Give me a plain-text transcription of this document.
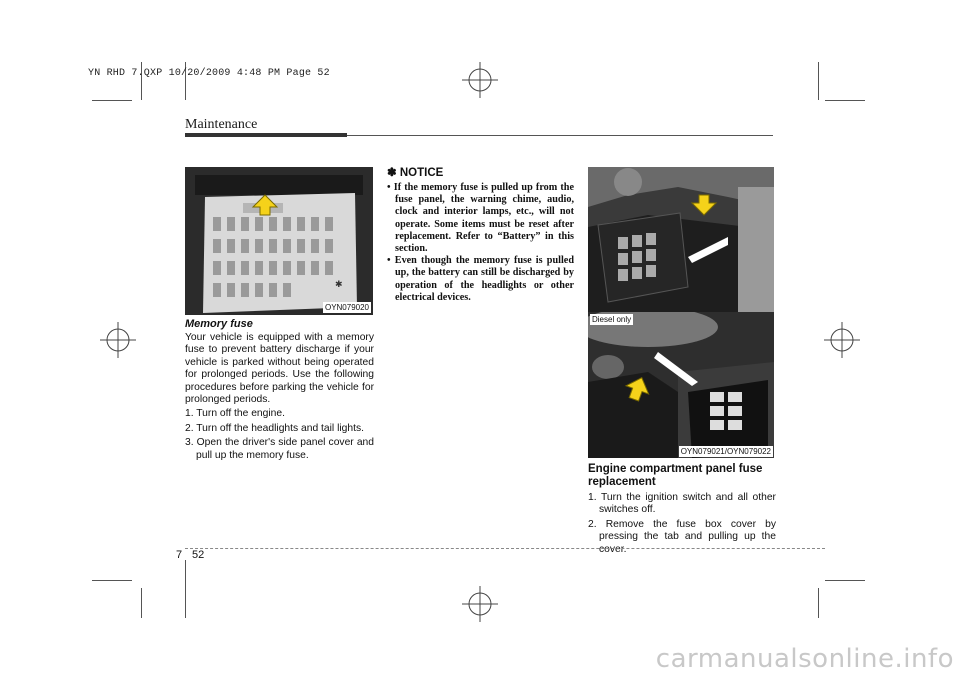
YN RHD 7.QXP 10/20/2009 4:48 PM Page 52
Maintenance
✱
OYN079020
Memory fuse
Your vehicle is equipped with a memory fuse to prevent battery discharge if your vehicle is parked without being operated for prolonged periods. Use the following procedures before parking the vehicle for prolonged periods.
1. Turn off the engine.
2. Turn off the headlights and tail lights.
3. Open the driver's side panel cover and pull up the memory fuse.
✽ NOTICE
• If the memory fuse is pulled up from the fuse panel, the warning chime, audio, clock and interior lamps, etc., will not operate. Some items must be reset after replacement. Refer to “Battery” in this section.
• Even though the memory fuse is pulled up, the battery can still be discharged by operation of the headlights or other electrical devices.
Diesel only
OYN079021/OYN079022
Engine compartment panel fuse replacement
1. Turn the ignition switch and all other switches off.
2. Remove the fuse box cover by pressing the tab and pulling up the cover.
7 52
carmanualsonline.info
